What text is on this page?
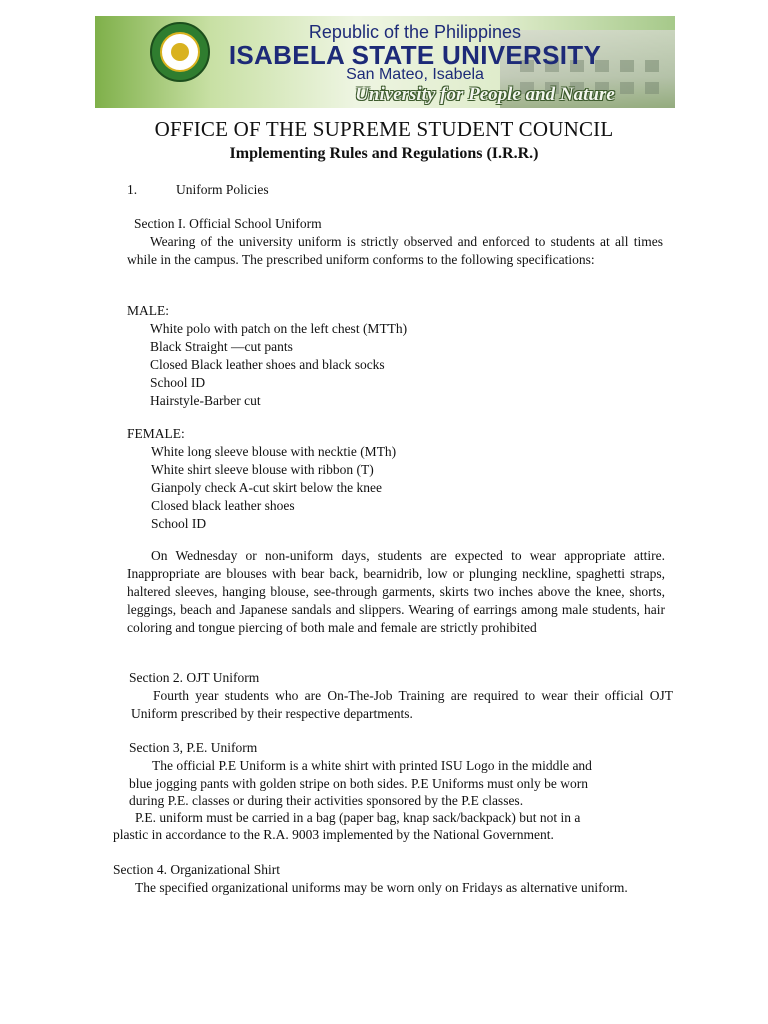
Republic of the Philippines
ISABELA STATE UNIVERSITY
San Mateo, Isabela
University for People and Nature
OFFICE OF THE SUPREME STUDENT COUNCIL
Implementing Rules and Regulations (I.R.R.)
1.	Uniform Policies
Section I. Official School Uniform
Wearing of the university uniform is strictly observed and enforced to students at all times while in the campus. The prescribed uniform conforms to the following specifications:
MALE:
White polo with patch on the left chest (MTTh)
Black Straight —cut pants
Closed Black leather shoes and black socks
School ID
Hairstyle-Barber cut
FEMALE:
White long sleeve blouse with necktie (MTh)
White shirt sleeve blouse with ribbon (T)
Gianpoly check A-cut skirt below the knee
Closed black leather shoes
School ID
On Wednesday or non-uniform days, students are expected to wear appropriate attire. Inappropriate are blouses with bear back, bearnidrib, low or plunging neckline, spaghetti straps, haltered sleeves, hanging blouse, see-through garments, skirts two inches above the knee, shorts, leggings, beach and Japanese sandals and slippers. Wearing of earrings among male students, hair coloring and tongue piercing of both male and female are strictly prohibited
Section 2. OJT Uniform
Fourth year students who are On-The-Job Training are required to wear their official OJT Uniform prescribed by their respective departments.
Section 3, P.E. Uniform
The official P.E Uniform is a white shirt with printed ISU Logo in the middle and
blue jogging pants with golden stripe on both sides. P.E Uniforms must only be worn
during P.E. classes or during their activities sponsored by the P.E classes.
P.E. uniform must be carried in a bag (paper bag, knap sack/backpack) but not in a
plastic in accordance to the R.A. 9003 implemented by the National Government.
Section 4. Organizational Shirt
The specified organizational uniforms may be worn only on Fridays as alternative uniform.
